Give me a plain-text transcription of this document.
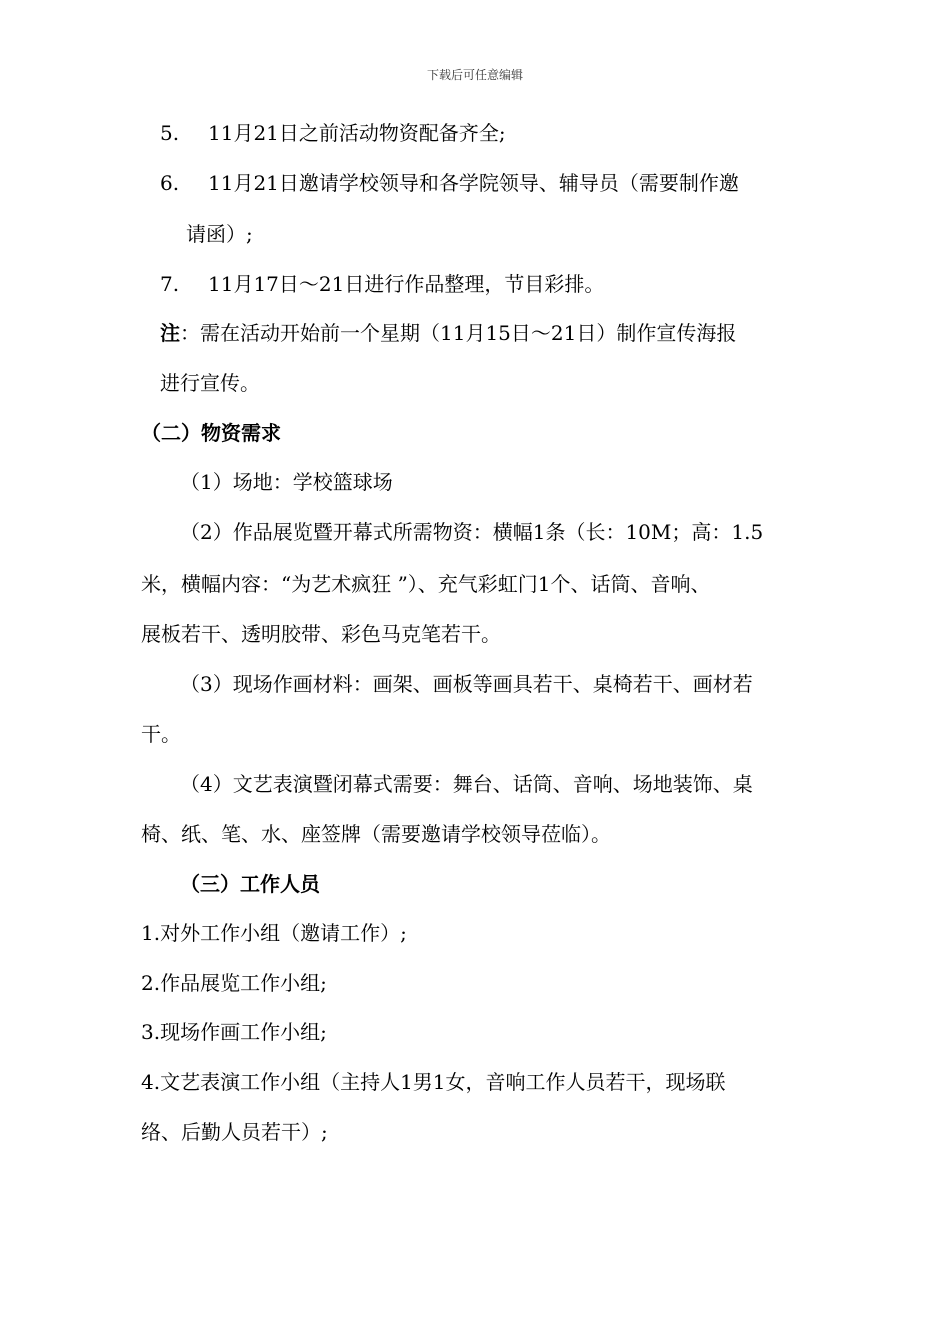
下载后可任意编辑
5. 11月21日之前活动物资配备齐全;
6. 11月21日邀请学校领导和各学院领导、辅导员（需要制作邀
请函）;
7. 11月17日～21日进行作品整理，节目彩排。
注：需在活动开始前一个星期（11月15日～21日）制作宣传海报
进行宣传。
（二）物资需求
（1）场地：学校篮球场
（2）作品展览暨开幕式所需物资：横幅1条（长：10M；高：1.5
米，横幅内容：“为艺术疯狂 ”）、充气彩虹门1个、话筒、音响、
展板若干、透明胶带、彩色马克笔若干。
（3）现场作画材料：画架、画板等画具若干、桌椅若干、画材若
干。
（4）文艺表演暨闭幕式需要：舞台、话筒、音响、场地装饰、桌
椅、纸、笔、水、座签牌（需要邀请学校领导莅临）。
（三）工作人员
1.对外工作小组（邀请工作）;
2.作品展览工作小组;
3.现场作画工作小组;
4.文艺表演工作小组（主持人1男1女，音响工作人员若干，现场联
络、后勤人员若干）;
